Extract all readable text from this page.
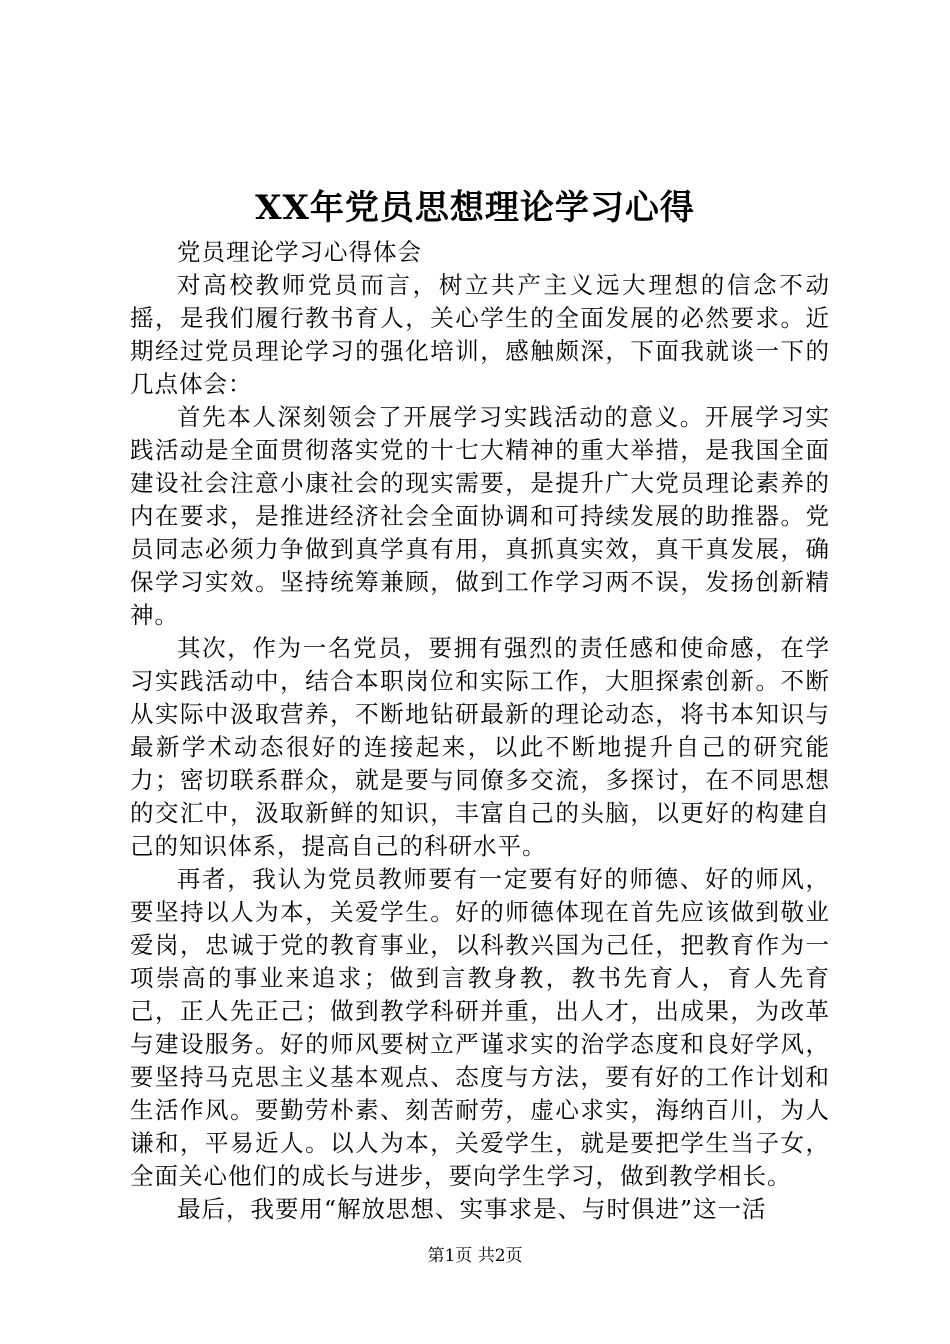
XX年党员思想理论学习心得

党员理论学习心得体会

对高校教师党员而言，树立共产主义远大理想的信念不动摇，是我们履行教书育人，关心学生的全面发展的必然要求。近期经过党员理论学习的强化培训，感触颇深，下面我就谈一下的几点体会：

首先本人深刻领会了开展学习实践活动的意义。开展学习实践活动是全面贯彻落实党的十七大精神的重大举措，是我国全面建设社会注意小康社会的现实需要，是提升广大党员理论素养的内在要求，是推进经济社会全面协调和可持续发展的助推器。党员同志必须力争做到真学真有用，真抓真实效，真干真发展，确保学习实效。坚持统筹兼顾，做到工作学习两不误，发扬创新精神。

其次，作为一名党员，要拥有强烈的责任感和使命感，在学习实践活动中，结合本职岗位和实际工作，大胆探索创新。不断从实际中汲取营养，不断地钻研最新的理论动态，将书本知识与最新学术动态很好的连接起来，以此不断地提升自己的研究能力；密切联系群众，就是要与同僚多交流，多探讨，在不同思想的交汇中，汲取新鲜的知识，丰富自己的头脑，以更好的构建自己的知识体系，提高自己的科研水平。

再者，我认为党员教师要有一定要有好的师德、好的师风，要坚持以人为本，关爱学生。好的师德体现在首先应该做到敬业爱岗，忠诚于党的教育事业，以科教兴国为己任，把教育作为一项崇高的事业来追求；做到言教身教，教书先育人，育人先育己，正人先正己；做到教学科研并重，出人才，出成果，为改革与建设服务。好的师风要树立严谨求实的治学态度和良好学风，要坚持马克思主义基本观点、态度与方法，要有好的工作计划和生活作风。要勤劳朴素、刻苦耐劳，虚心求实，海纳百川，为人谦和，平易近人。以人为本，关爱学生，就是要把学生当子女，全面关心他们的成长与进步，要向学生学习，做到教学相长。

最后，我要用“解放思想、实事求是、与时俱进”这一活

第1页 共2页
